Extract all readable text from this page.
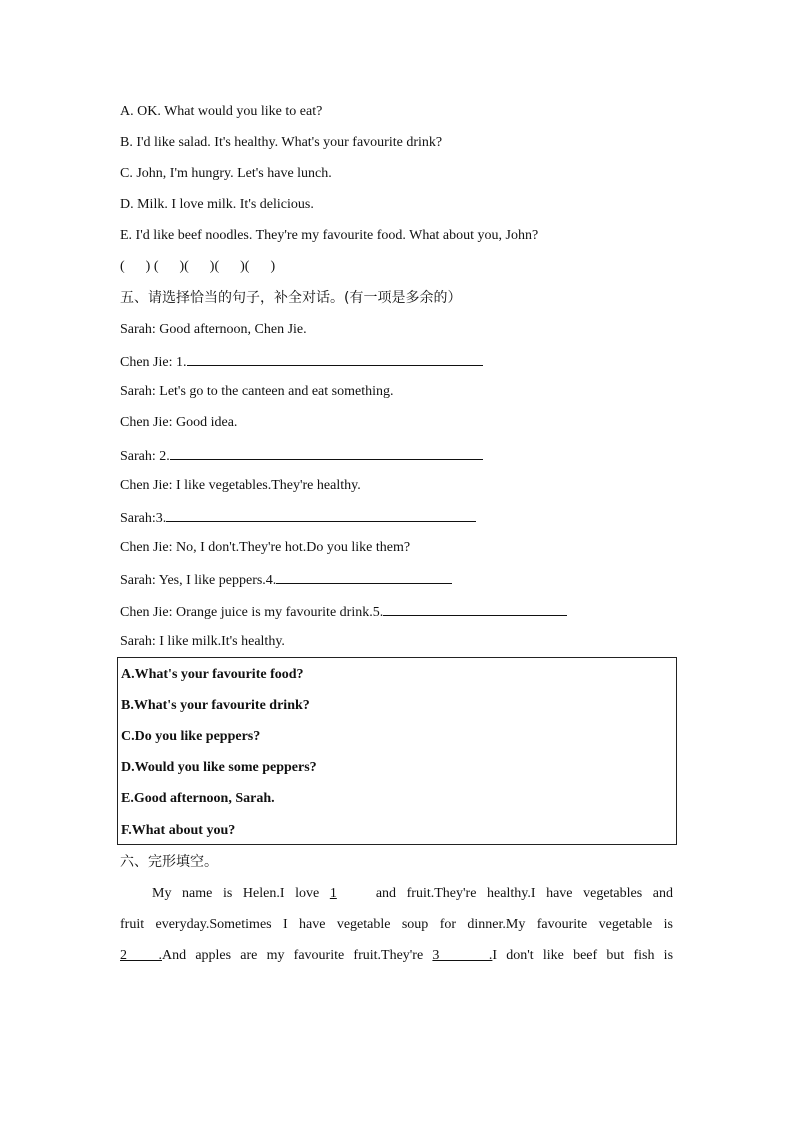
A. OK. What would you like to eat?
B. I'd like salad. It's healthy. What's your favourite drink?
C. John, I'm hungry. Let's have lunch.
D. Milk. I love milk. It's delicious.
E. I'd like beef noodles. They're my favourite food. What about you, John?
(      ) (      )(      )(      )(      )
五、请选择恰当的句子，补全对话。(有一项是多余的）
Sarah: Good afternoon, Chen Jie.
Chen Jie: 1.
Sarah: Let's go to the canteen and eat something.
Chen Jie: Good idea.
Sarah: 2.
Chen Jie: I like vegetables.They're healthy.
Sarah:3.
Chen Jie: No, I don't.They're hot.Do you like them?
Sarah: Yes, I like peppers.4.
Chen Jie: Orange juice is my favourite drink.5.
Sarah: I like milk.It's healthy.
A.What's your favourite food?
B.What's your favourite drink?
C.Do you like peppers?
D.Would you like some peppers?
E.Good afternoon, Sarah.
F.What about you?
六、完形填空。
My name is Helen.I love 1	and fruit.They're healthy.I have vegetables and
fruit everyday.Sometimes I have vegetable soup for dinner.My favourite vegetable is
2 .And apples are my favourite fruit.They're 3 .I don't like beef but fish is
